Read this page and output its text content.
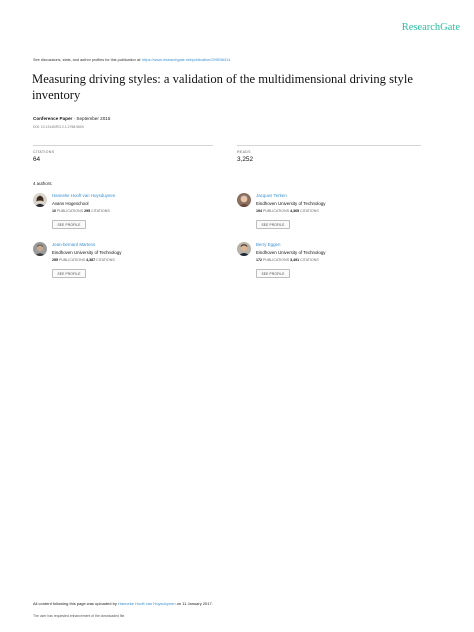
ResearchGate
See discussions, stats, and author profiles for this publication at: https://www.researchgate.net/publication/299536314
Measuring driving styles: a validation of the multidimensional driving style inventory
Conference Paper · September 2015
DOI: 10.13140/RG.2.1.2768.9600
CITATIONS
64
READS
3,252
4 authors:
Hanneke Hooft van Huysduynen
Avans Hogeschool
10 PUBLICATIONS 295 CITATIONS
SEE PROFILE
Jacques Terken
Eindhoven University of Technology
194 PUBLICATIONS 4,365 CITATIONS
SEE PROFILE
Jean-bernard Martens
Eindhoven University of Technology
255 PUBLICATIONS 4,387 CITATIONS
SEE PROFILE
Berry Eggen
Eindhoven University of Technology
172 PUBLICATIONS 3,491 CITATIONS
SEE PROFILE
All content following this page was uploaded by Hanneke Hooft van Huysduynen on 11 January 2017.
The user has requested enhancement of the downloaded file.
